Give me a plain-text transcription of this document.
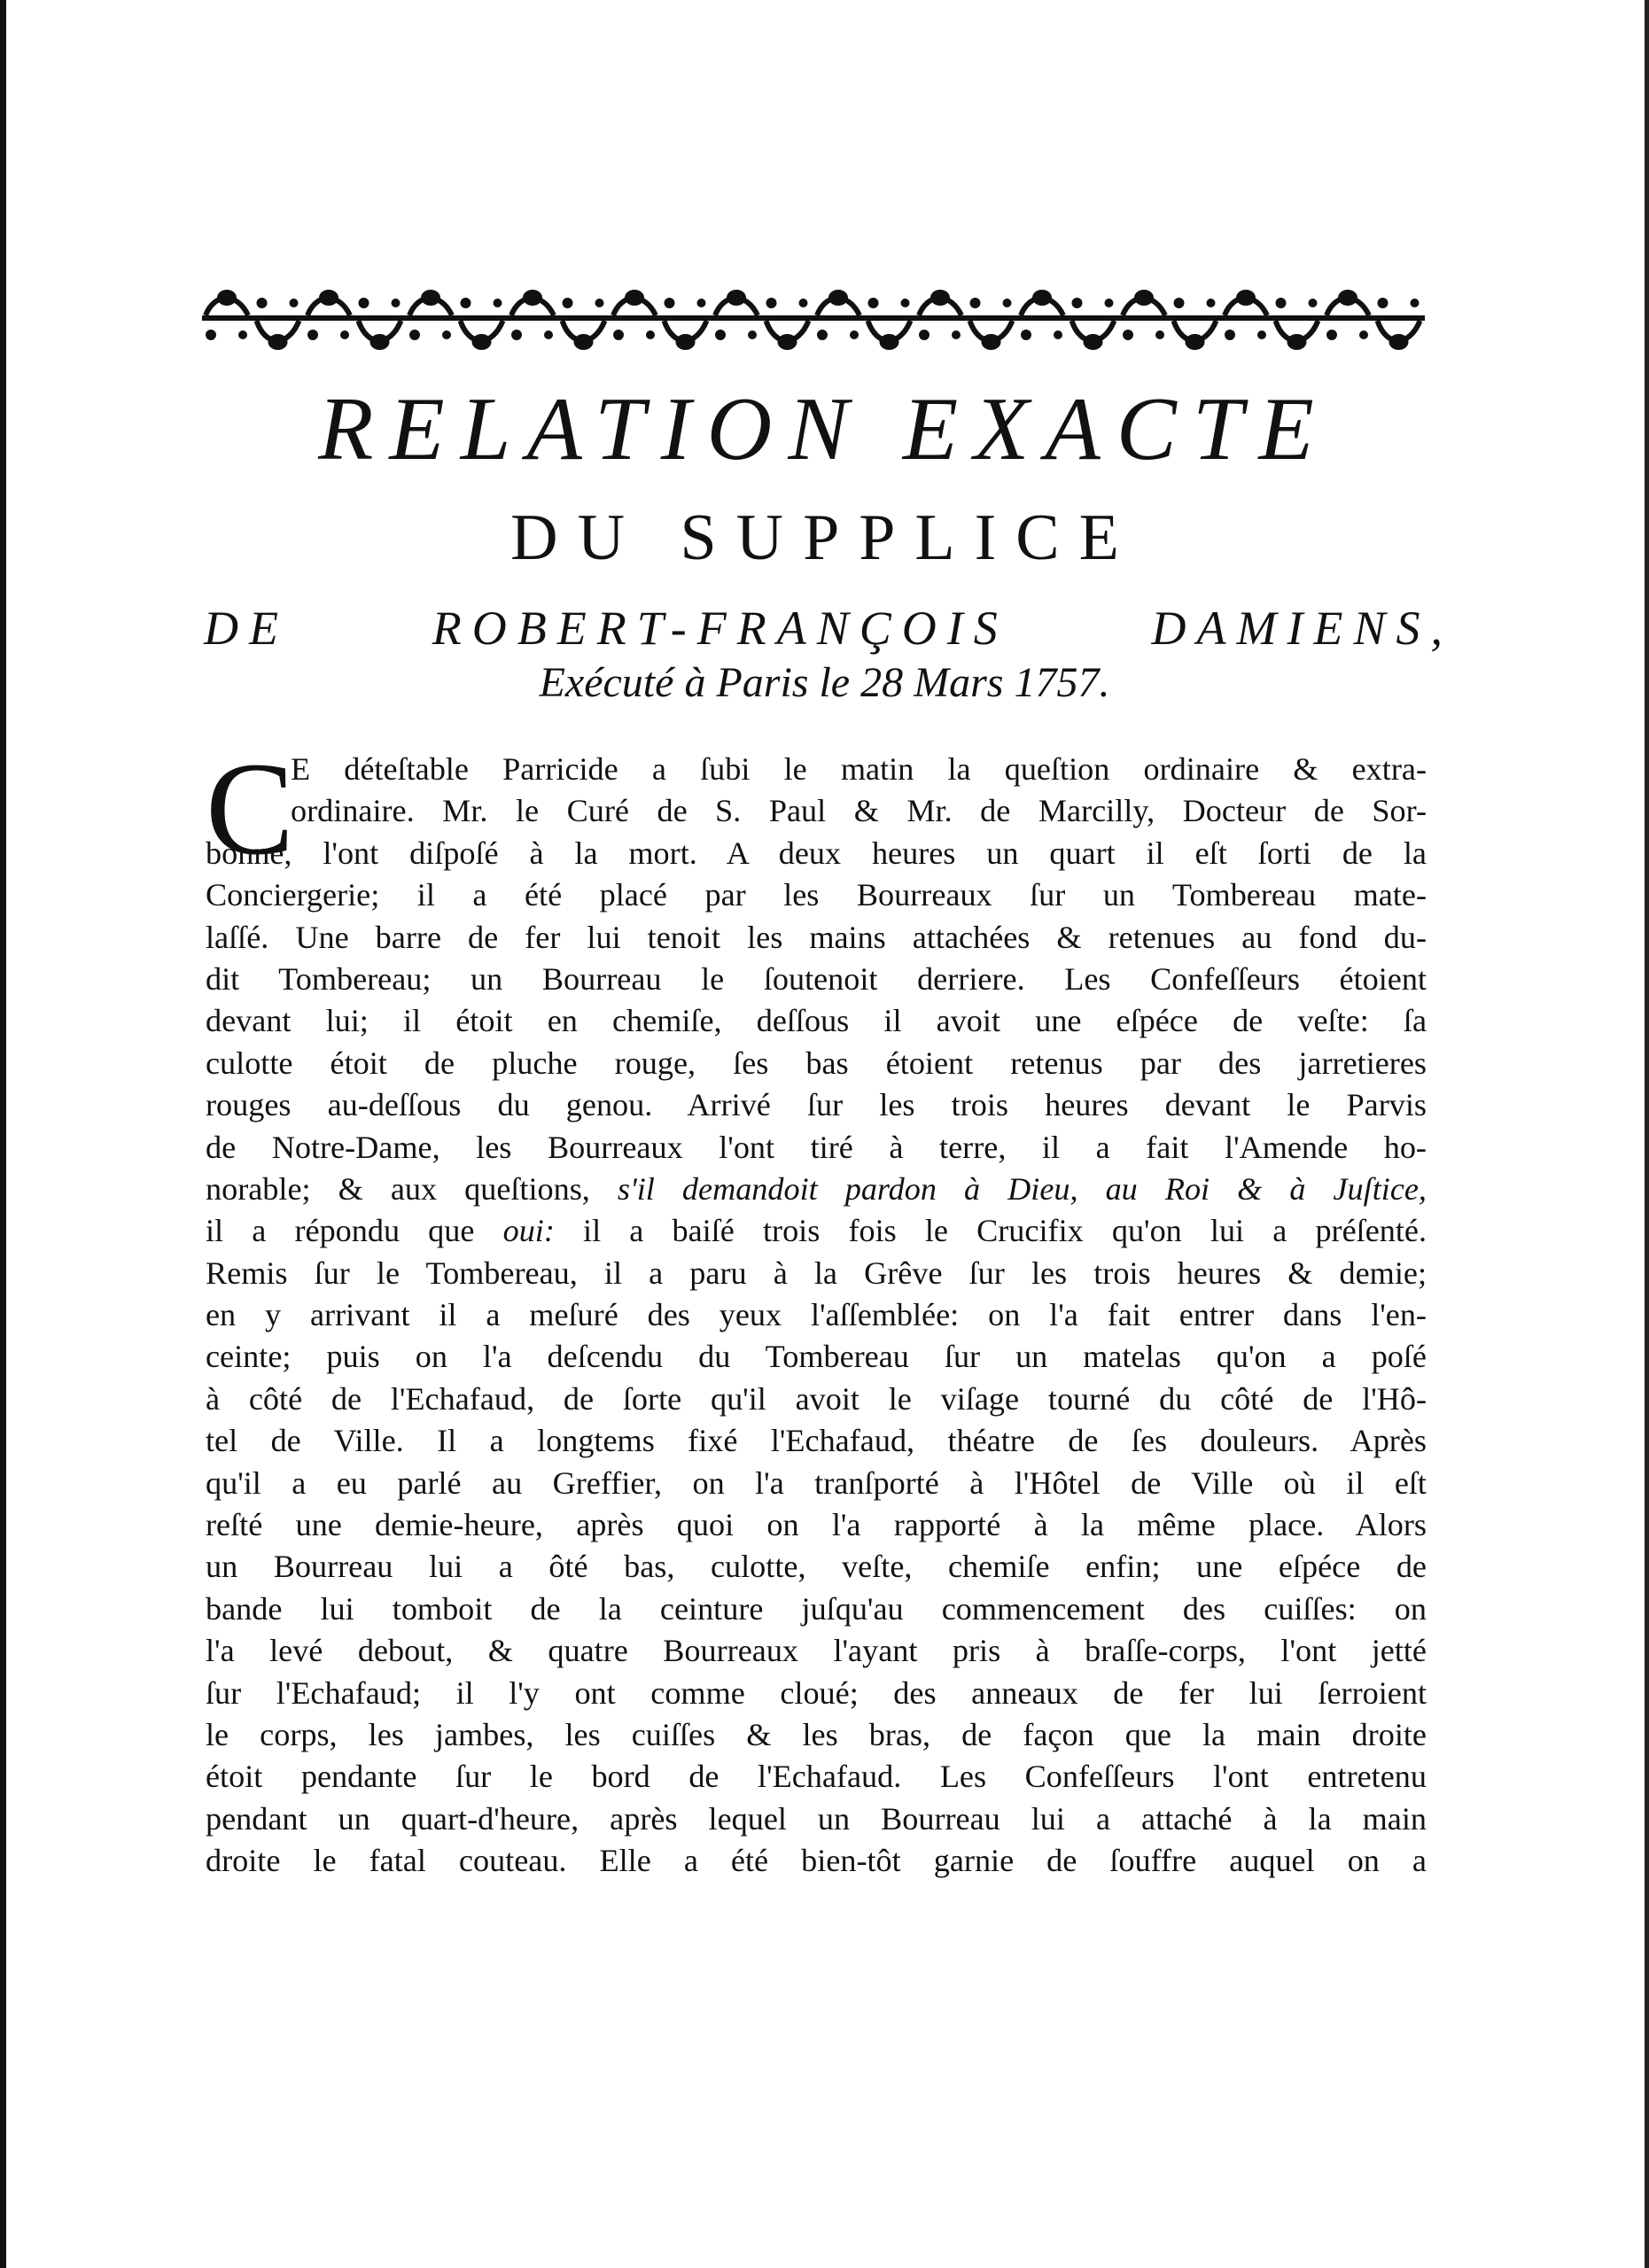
RELATION EXACTE
DU SUPPLICE
DE ROBERT-FRANÇOIS DAMIENS,
Exécuté à Paris le 28 Mars 1757.
C
E déteſtable Parricide a ſubi le matin la queſtion ordinaire & extra-
ordinaire. Mr. le Curé de S. Paul & Mr. de Marcilly, Docteur de Sor-
bonne, l'ont diſpoſé à la mort. A deux heures un quart il eſt ſorti de la
Conciergerie; il a été placé par les Bourreaux ſur un Tombereau mate-
laſſé. Une barre de fer lui tenoit les mains attachées & retenues au fond du-
dit Tombereau; un Bourreau le ſoutenoit derriere. Les Confeſſeurs étoient
devant lui; il étoit en chemiſe, deſſous il avoit une eſpéce de veſte: ſa
culotte étoit de pluche rouge, ſes bas étoient retenus par des jarretieres
rouges au-deſſous du genou. Arrivé ſur les trois heures devant le Parvis
de Notre-Dame, les Bourreaux l'ont tiré à terre, il a fait l'Amende ho-
norable; & aux queſtions, s'il demandoit pardon à Dieu, au Roi & à Juſtice,
il a répondu que oui: il a baiſé trois fois le Crucifix qu'on lui a préſenté.
Remis ſur le Tombereau, il a paru à la Grêve ſur les trois heures & demie;
en y arrivant il a meſuré des yeux l'aſſemblée: on l'a fait entrer dans l'en-
ceinte; puis on l'a deſcendu du Tombereau ſur un matelas qu'on a poſé
à côté de l'Echafaud, de ſorte qu'il avoit le viſage tourné du côté de l'Hô-
tel de Ville. Il a longtems fixé l'Echafaud, théatre de ſes douleurs. Après
qu'il a eu parlé au Greffier, on l'a tranſporté à l'Hôtel de Ville où il eſt
reſté une demie-heure, après quoi on l'a rapporté à la même place. Alors
un Bourreau lui a ôté bas, culotte, veſte, chemiſe enfin; une eſpéce de
bande lui tomboit de la ceinture juſqu'au commencement des cuiſſes: on
l'a levé debout, & quatre Bourreaux l'ayant pris à braſſe-corps, l'ont jetté
ſur l'Echafaud; il l'y ont comme cloué; des anneaux de fer lui ſerroient
le corps, les jambes, les cuiſſes & les bras, de façon que la main droite
étoit pendante ſur le bord de l'Echafaud. Les Confeſſeurs l'ont entretenu
pendant un quart-d'heure, après lequel un Bourreau lui a attaché à la main
droite le fatal couteau. Elle a été bien-tôt garnie de ſouffre auquel on a
